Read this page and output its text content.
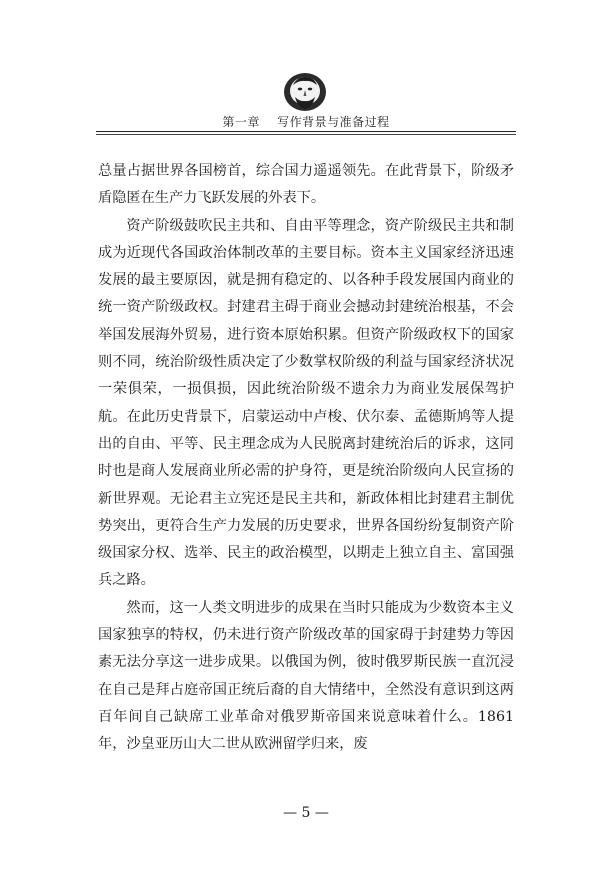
第一章    写作背景与准备过程

总量占据世界各国榜首，综合国力遥遥领先。在此背景下，阶级矛盾隐匿在生产力飞跃发展的外表下。

资产阶级鼓吹民主共和、自由平等理念，资产阶级民主共和制成为近现代各国政治体制改革的主要目标。资本主义国家经济迅速发展的最主要原因，就是拥有稳定的、以各种手段发展国内商业的统一资产阶级政权。封建君主碍于商业会撼动封建统治根基，不会举国发展海外贸易，进行资本原始积累。但资产阶级政权下的国家则不同，统治阶级性质决定了少数掌权阶级的利益与国家经济状况一荣俱荣，一损俱损，因此统治阶级不遗余力为商业发展保驾护航。在此历史背景下，启蒙运动中卢梭、伏尔泰、孟德斯鸠等人提出的自由、平等、民主理念成为人民脱离封建统治后的诉求，这同时也是商人发展商业所必需的护身符，更是统治阶级向人民宣扬的新世界观。无论君主立宪还是民主共和，新政体相比封建君主制优势突出，更符合生产力发展的历史要求，世界各国纷纷复制资产阶级国家分权、选举、民主的政治模型，以期走上独立自主、富国强兵之路。

然而，这一人类文明进步的成果在当时只能成为少数资本主义国家独享的特权，仍未进行资产阶级改革的国家碍于封建势力等因素无法分享这一进步成果。以俄国为例，彼时俄罗斯民族一直沉浸在自己是拜占庭帝国正统后裔的自大情绪中，全然没有意识到这两百年间自己缺席工业革命对俄罗斯帝国来说意味着什么。1861 年，沙皇亚历山大二世从欧洲留学归来，废

— 5 —
